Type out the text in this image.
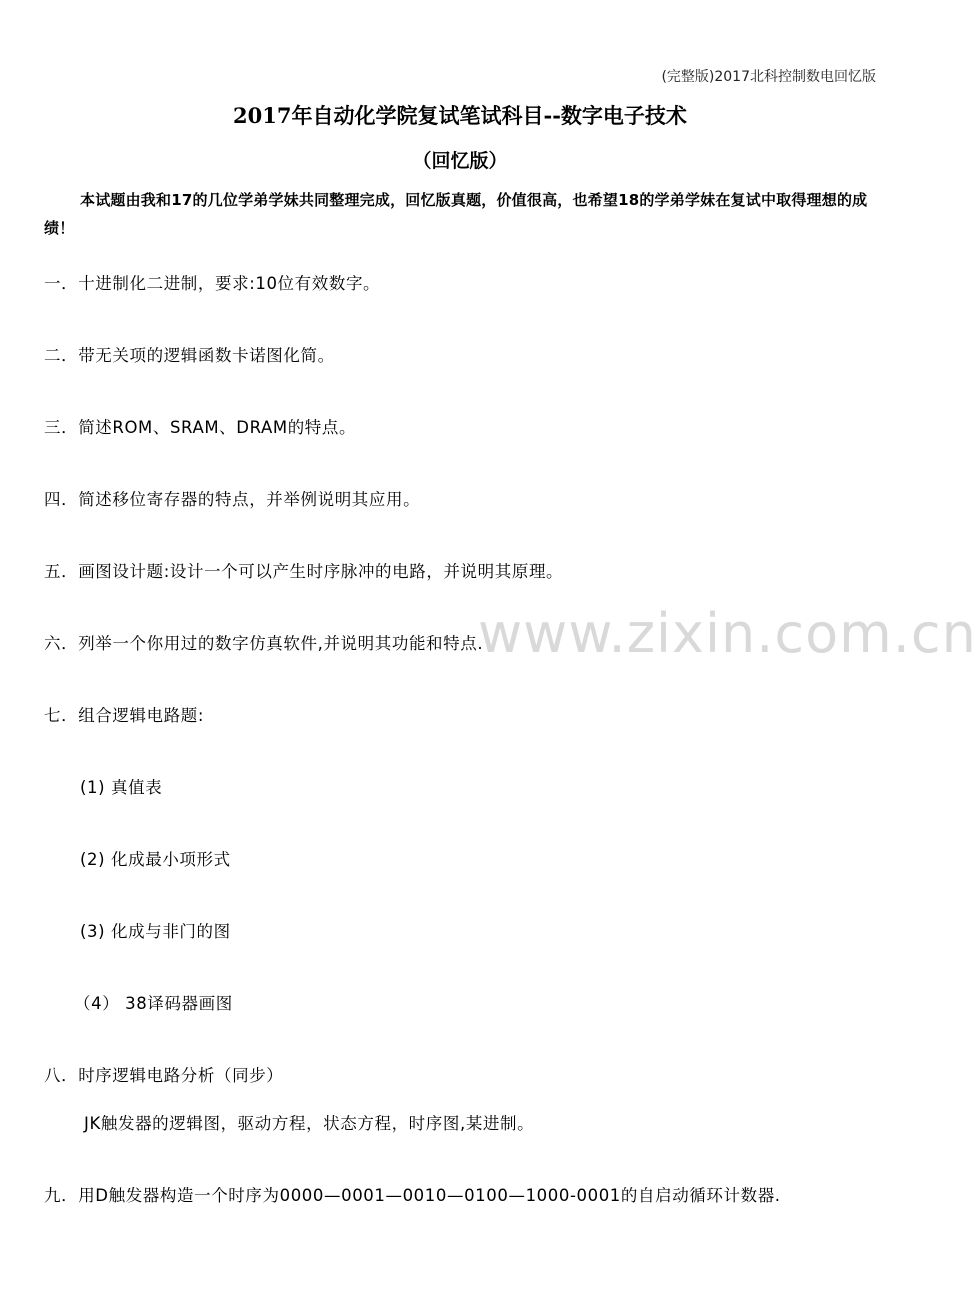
www.zixin.com.cn
(完整版)2017北科控制数电回忆版
2017年自动化学院复试笔试科目--数字电子技术
（回忆版）
本试题由我和17的几位学弟学妹共同整理完成，回忆版真题，价值很高，也希望18的学弟学妹在复试中取得理想的成绩！
一．十进制化二进制，要求:10位有效数字。
二．带无关项的逻辑函数卡诺图化简。
三．简述ROM、SRAM、DRAM的特点。
四．简述移位寄存器的特点，并举例说明其应用。
五．画图设计题:设计一个可以产生时序脉冲的电路，并说明其原理。
六．列举一个你用过的数字仿真软件,并说明其功能和特点.
七．组合逻辑电路题:
(1) 真值表
(2) 化成最小项形式
(3) 化成与非门的图
（4） 38译码器画图
八．时序逻辑电路分析（同步）
JK触发器的逻辑图，驱动方程，状态方程，时序图,某进制。
九．用D触发器构造一个时序为0000—0001—0010—0100—1000-0001的自启动循环计数器.
